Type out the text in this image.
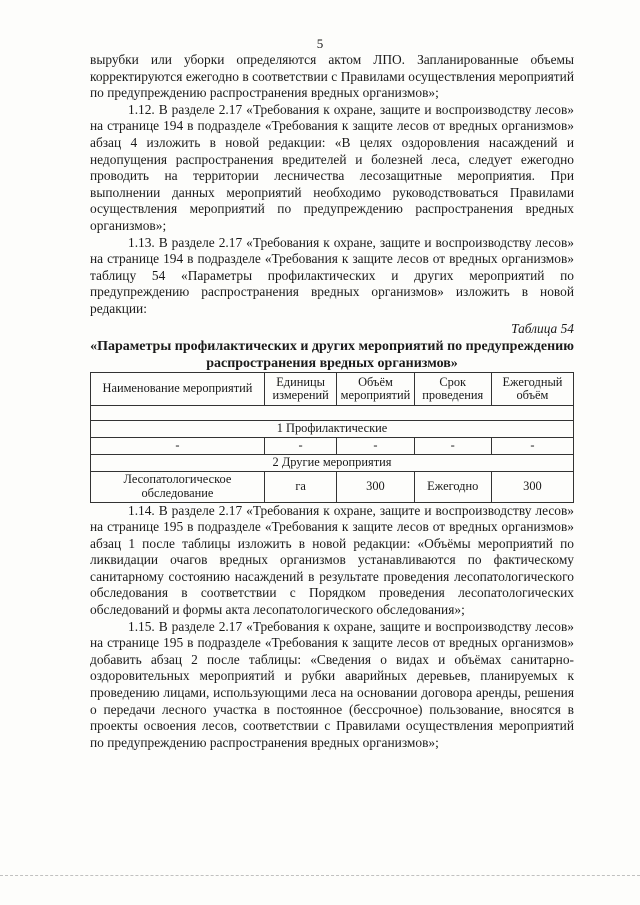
5

вырубки или уборки определяются актом ЛПО. Запланированные объемы корректируются ежегодно в соответствии с Правилами осуществления мероприятий по предупреждению распространения вредных организмов»;

1.12. В разделе 2.17 «Требования к охране, защите и воспроизводству лесов» на странице 194 в подразделе «Требования к защите лесов от вредных организмов» абзац 4 изложить в новой редакции: «В целях оздоровления насаждений и недопущения распространения вредителей и болезней леса, следует ежегодно проводить на территории лесничества лесозащитные мероприятия. При выполнении данных мероприятий необходимо руководствоваться Правилами осуществления мероприятий по предупреждению распространения вредных организмов»;

1.13. В разделе 2.17 «Требования к охране, защите и воспроизводству лесов» на странице 194 в подразделе «Требования к защите лесов от вредных организмов» таблицу 54 «Параметры профилактических и других мероприятий по предупреждению распространения вредных организмов» изложить в новой редакции:

Таблица 54
«Параметры профилактических и других мероприятий по предупреждению распространения вредных организмов»
Наименование мероприятий	Единицы измерений	Объём мероприятий	Срок проведения	Ежегодный объём

1 Профилактические				
-	-	-	-	-
2 Другие мероприятия				
Лесопатологическое обследование	га	300	Ежегодно	300

1.14. В разделе 2.17 «Требования к охране, защите и воспроизводству лесов» на странице 195 в подразделе «Требования к защите лесов от вредных организмов» абзац 1 после таблицы изложить в новой редакции: «Объёмы мероприятий по ликвидации очагов вредных организмов устанавливаются по фактическому санитарному состоянию насаждений в результате проведения лесопатологического обследования в соответствии с Порядком проведения лесопатологических обследований и формы акта лесопатологического обследования»;

1.15. В разделе 2.17 «Требования к охране, защите и воспроизводству лесов» на странице 195 в подразделе «Требования к защите лесов от вредных организмов» добавить абзац 2 после таблицы: «Сведения о видах и объёмах санитарно-оздоровительных мероприятий и рубки аварийных деревьев, планируемых к проведению лицами, использующими леса на основании договора аренды, решения о передачи лесного участка в постоянное (бессрочное) пользование, вносятся в проекты освоения лесов, соответствии с Правилами осуществления мероприятий по предупреждению распространения вредных организмов»;
